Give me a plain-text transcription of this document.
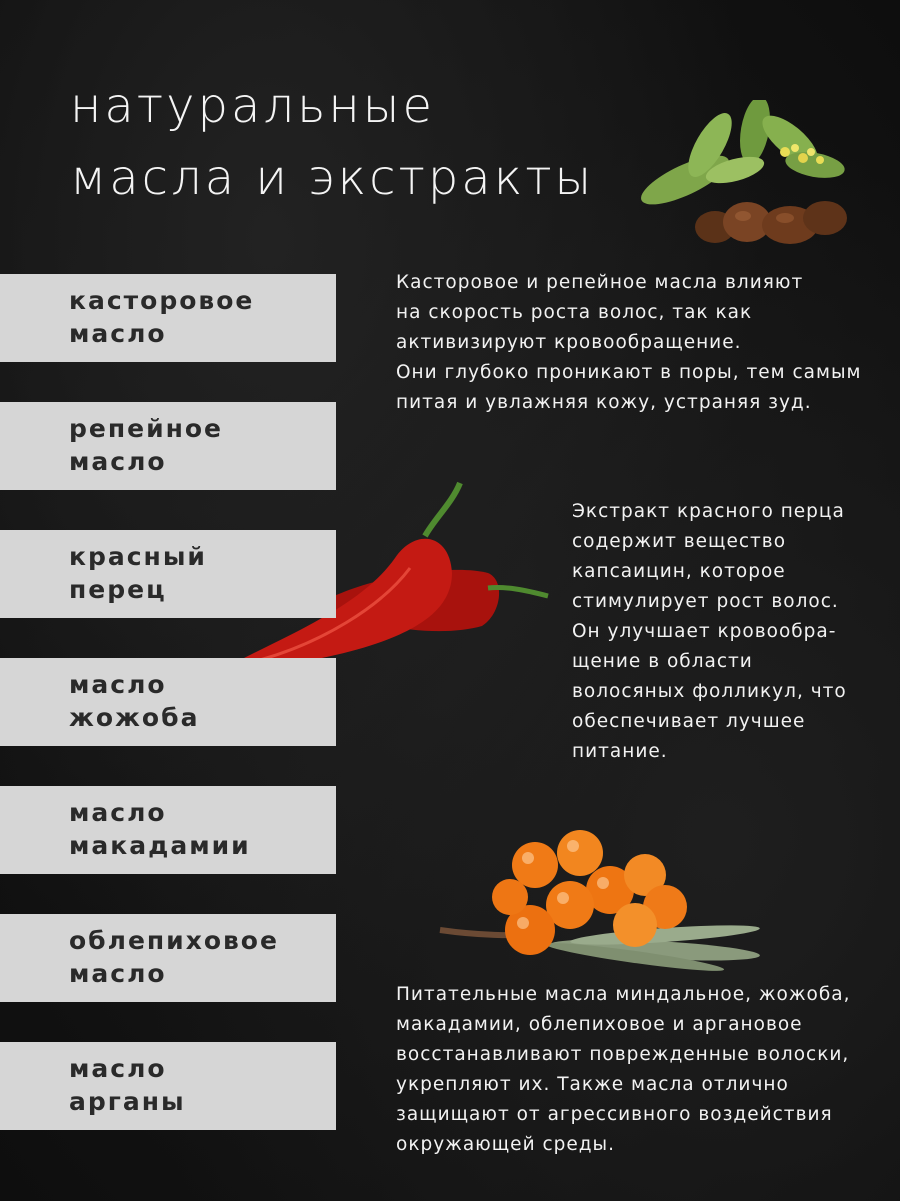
натуральные
масла и экстракты
касторовое
масло
репейное
масло
красный
перец
масло
жожоба
масло
макадамии
облепиховое
масло
масло
арганы

Касторовое и репейное масла влияют
на скорость роста волос, так как
активизируют кровообращение.
Они глубоко проникают в поры, тем самым
питая и увлажняя кожу, устраняя зуд.

Экстракт красного перца
содержит вещество
капсаицин, которое
стимулирует рост волос.
Он улучшает кровообра-
щение в области
волосяных фолликул, что
обеспечивает лучшее
питание.

Питательные масла миндальное, жожоба,
макадамии, облепиховое и аргановое
восстанавливают поврежденные волоски,
укрепляют их. Также масла отлично
защищают от агрессивного воздействия
окружающей среды.
